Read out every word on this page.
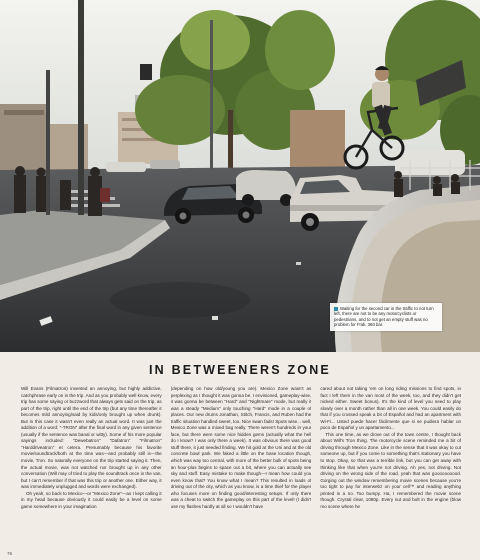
Waiting for the second car in the traffic to not turn left, there are not to be any motorcyclists or pedestrians, and to not get an empty stuff was no problem for Fridi. 360 bar.
IN BETWEENERS ZONE

Will Evans (Filmatron) invented an annoying, but highly addictive, catchphrase early on in the trip. And as you probably well know, every trip has some saying or buzzword that always gets said on the trip, as part of the trip, right until the end of the trip (but any time thereafter it becomes mild annoying/said by kids/only brought up when drunk). But in this case it wasn't even really an actual word. It was just the addition of a word: "-TRON" after the final word in any given sentence (usually if the sentence was banal or witty). Some of his more popular sayings included: "Dewebatron" "Dafatron" "Filmatron" "Harddriveatron" et cetera. Presumably because his favorite movie/soundtrack/both at the time was—and probably still is—the movie, Tron. So naturally everyone on the trip started saying it. Then, the actual movie, was not watched nor brought up in any other conversation (Will may of tried to play the soundtrack once in the van, but I can't remember if that was this trip or another one. Either way, it was immediately unplugged and words were exchanged).

Oh yeah, so back to Mexico—or "Mexico Zone"—as I kept calling it in my head because obviously it could easily be a level on some game somewhere in your imagination

(depending on how old/young you are). Mexico Zone wasn't as perplexing as I thought it was gonna be. I envisioned, gameplay-wise, it was gonna be between "Hard" and "Nightmare" mode, but really it was a steady "Medium" only touching "Hard" mode in a couple of places. Our new drums Jonathan, Stitch, Francis, and Ruben had the traffic situation handled sweet, too. Nice swan fads! Spots wise... well, Mexico Zone was a mixed bag really. There weren't hundreds in your face, but there were some nice hidden gems (actually what the hell do I know? I was only there a week). It was obvious there was good stuff there, it just needed finding. We hit gold at the Uni and at the old concrete bowl park. We faked a little on the base location though, which was way too central, with more of the better bulk of spots being an hour-plus begins to space out a bit, where you can actually see sky and stuff. Easy mistake to make though—I mean how could you even know that? You know what I mean? This resulted in loads of driving out of the city, which as you know, is a time thief for the player who focuses more on finding good/interesting setups. If only there was a cheat to switch the gameplay on this part of the level! (I didn't use my flashes hardly at all so I wouldn't have

cared about not taking 'em on long riding missions to find spots, in fact I left them in the van most of the week, too, and they didn't get nicked either. Sweet bonus). It's the kind of level you need to play slowly over a month rather than all in one week. You could easily do that if you crossed speak a bit of Español and had an apartment with Wi-Fi... Usted puede hacer fácilmente que si se pudiera hablar un poco de Español y un apartamento...

This one time, as we drove out of the town centre, I thought back about Will's Tron thing. The motorcycle scene reminded me a bit of driving through Mexico Zone. Like in the sense that it was okay to cut someone up, but if you come to something that's stationary you have to stop. Okay, so that was a terrible link, but you can get away with thinking like that when you're not driving. Ah yes, not driving. Not driving on the wrong side of the road, yeah that was goooooooood. Gorging out the window remembering movie scenes because you're too tight to pay for interwebz on your cell™ and reading anything printed is a no. Too bumpy. Ha, I remembered the movie scene though. Crystal clear, 1080p. Every nut and bolt in the engine (blow mo scene where he

76
